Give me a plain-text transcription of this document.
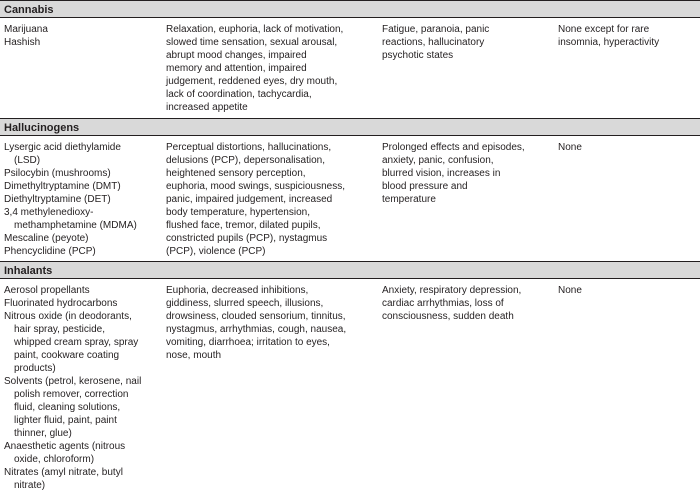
Cannabis
Marijuana
Hashish
Relaxation, euphoria, lack of motivation,
slowed time sensation, sexual arousal,
abrupt mood changes, impaired
memory and attention, impaired
judgement, reddened eyes, dry mouth,
lack of coordination, tachycardia,
increased appetite
Fatigue, paranoia, panic
reactions, hallucinatory
psychotic states
None except for rare
insomnia, hyperactivity
Hallucinogens
Lysergic acid diethylamide
(LSD)
Psilocybin (mushrooms)
Dimethyltryptamine (DMT)
Diethyltryptamine (DET)
3,4 methylenedioxy-
methamphetamine (MDMA)
Mescaline (peyote)
Phencyclidine (PCP)
Perceptual distortions, hallucinations,
delusions (PCP), depersonalisation,
heightened sensory perception,
euphoria, mood swings, suspiciousness,
panic, impaired judgement, increased
body temperature, hypertension,
flushed face, tremor, dilated pupils,
constricted pupils (PCP), nystagmus
(PCP), violence (PCP)
Prolonged effects and episodes,
anxiety, panic, confusion,
blurred vision, increases in
blood pressure and
temperature
None
Inhalants
Aerosol propellants
Fluorinated hydrocarbons
Nitrous oxide (in deodorants,
hair spray, pesticide,
whipped cream spray, spray
paint, cookware coating
products)
Solvents (petrol, kerosene, nail
polish remover, correction
fluid, cleaning solutions,
lighter fluid, paint, paint
thinner, glue)
Anaesthetic agents (nitrous
oxide, chloroform)
Nitrates (amyl nitrate, butyl
nitrate)
Euphoria, decreased inhibitions,
giddiness, slurred speech, illusions,
drowsiness, clouded sensorium, tinnitus,
nystagmus, arrhythmias, cough, nausea,
vomiting, diarrhoea; irritation to eyes,
nose, mouth
Anxiety, respiratory depression,
cardiac arrhythmias, loss of
consciousness, sudden death
None
